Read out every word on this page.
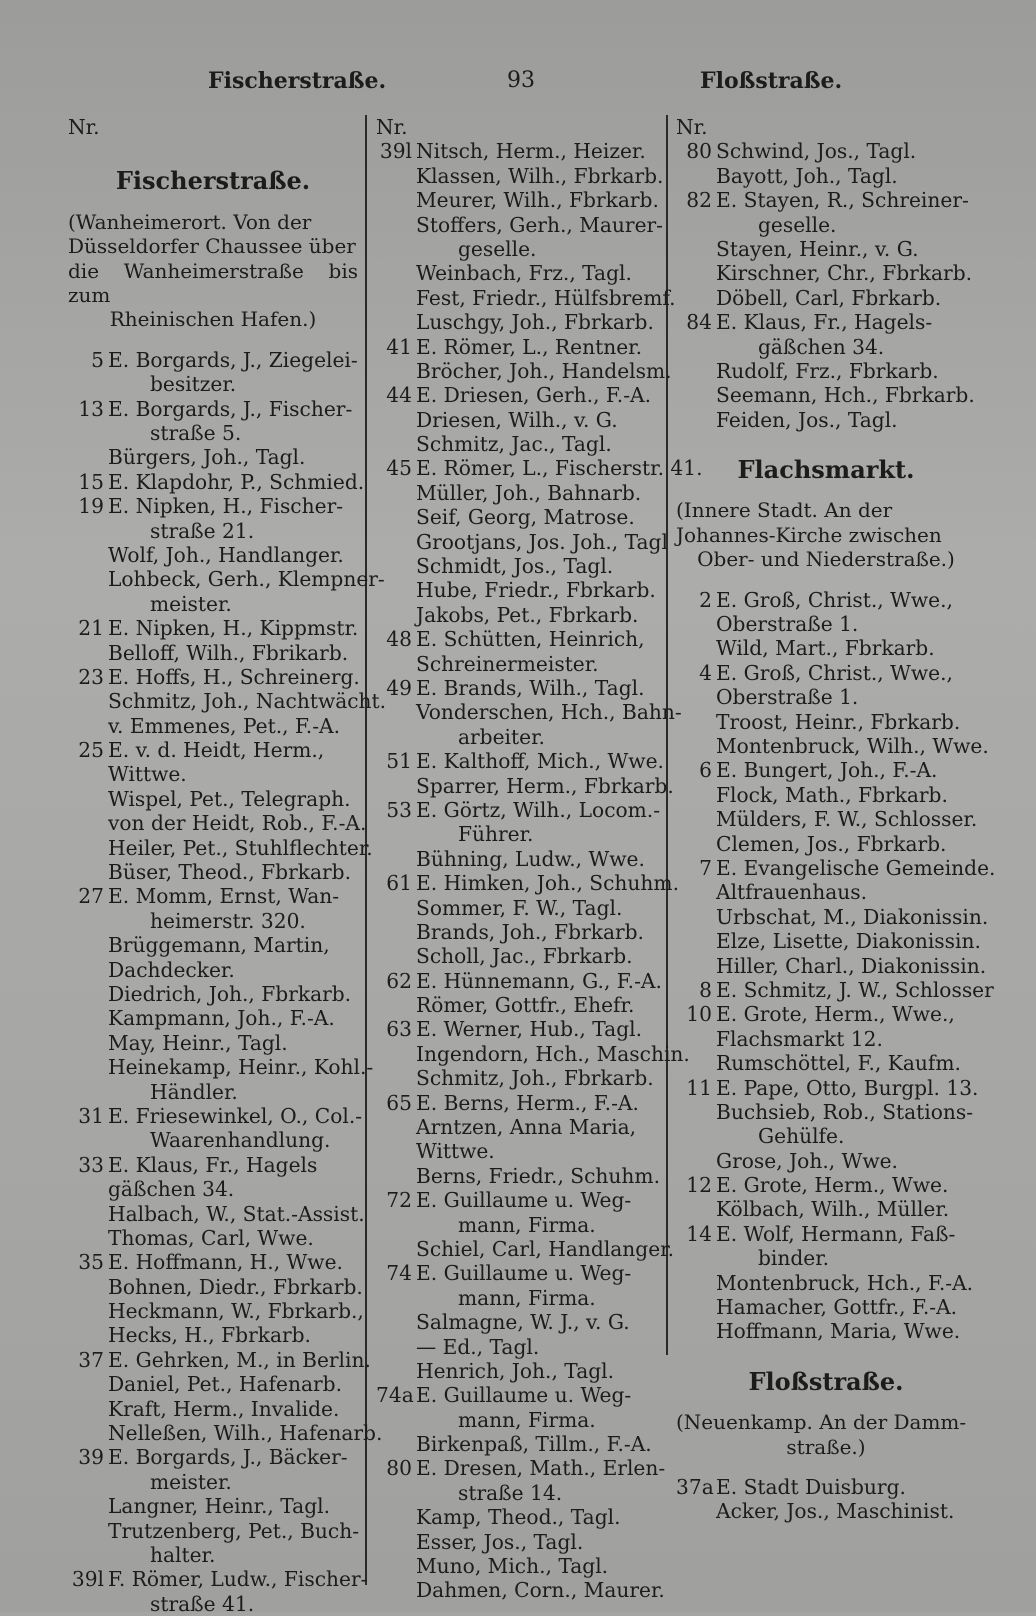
Fischerstraße.	93	Floßstraße.
Nr.
Fischerstraße.
(Wanheimerort. Von der
Düsseldorfer Chaussee über
die Wanheimerstraße bis zum
Rheinischen Hafen.)
5 E. Borgards, J., Ziegelei-
besitzer.
13 E. Borgards, J., Fischer-
straße 5.
Bürgers, Joh., Tagl.
15 E. Klapdohr, P., Schmied.
19 E. Nipken, H., Fischer-
straße 21.
Wolf, Joh., Handlanger.
Lohbeck, Gerh., Klempner-
meister.
21 E. Nipken, H., Kippmstr.
Belloff, Wilh., Fbrikarb.
23 E. Hoffs, H., Schreinerg.
Schmitz, Joh., Nachtwächt.
v. Emmenes, Pet., F.-A.
25 E. v. d. Heidt, Herm.,
Wittwe.
Wispel, Pet., Telegraph.
von der Heidt, Rob., F.-A.
Heiler, Pet., Stuhlflechter.
Büser, Theod., Fbrkarb.
27 E. Momm, Ernst, Wan-
heimerstr. 320.
Brüggemann, Martin,
Dachdecker.
Diedrich, Joh., Fbrkarb.
Kampmann, Joh., F.-A.
May, Heinr., Tagl.
Heinekamp, Heinr., Kohl.-
Händler.
31 E. Friesewinkel, O., Col.-
Waarenhandlung.
33 E. Klaus, Fr., Hagels
gäßchen 34.
Halbach, W., Stat.-Assist.
Thomas, Carl, Wwe.
35 E. Hoffmann, H., Wwe.
Bohnen, Diedr., Fbrkarb.
Heckmann, W., Fbrkarb.,
Hecks, H., Fbrkarb.
37 E. Gehrken, M., in Berlin.
Daniel, Pet., Hafenarb.
Kraft, Herm., Invalide.
Nelleßen, Wilh., Hafenarb.
39 E. Borgards, J., Bäcker-
meister.
Langner, Heinr., Tagl.
Trutzenberg, Pet., Buch-
halter.
39l F. Römer, Ludw., Fischer-
straße 41.
Nr.
39l Nitsch, Herm., Heizer.
Klassen, Wilh., Fbrkarb.
Meurer, Wilh., Fbrkarb.
Stoffers, Gerh., Maurer-
geselle.
Weinbach, Frz., Tagl.
Fest, Friedr., Hülfsbremf.
Luschgy, Joh., Fbrkarb.
41 E. Römer, L., Rentner.
Bröcher, Joh., Handelsm.
44 E. Driesen, Gerh., F.-A.
Driesen, Wilh., v. G.
Schmitz, Jac., Tagl.
45 E. Römer, L., Fischerstr. 41.
Müller, Joh., Bahnarb.
Seif, Georg, Matrose.
Grootjans, Jos. Joh., Tagl
Schmidt, Jos., Tagl.
Hube, Friedr., Fbrkarb.
Jakobs, Pet., Fbrkarb.
48 E. Schütten, Heinrich,
Schreinermeister.
49 E. Brands, Wilh., Tagl.
Vonderschen, Hch., Bahn-
arbeiter.
51 E. Kalthoff, Mich., Wwe.
Sparrer, Herm., Fbrkarb.
53 E. Görtz, Wilh., Locom.-
Führer.
Bühning, Ludw., Wwe.
61 E. Himken, Joh., Schuhm.
Sommer, F. W., Tagl.
Brands, Joh., Fbrkarb.
Scholl, Jac., Fbrkarb.
62 E. Hünnemann, G., F.-A.
Römer, Gottfr., Ehefr.
63 E. Werner, Hub., Tagl.
Ingendorn, Hch., Maschin.
Schmitz, Joh., Fbrkarb.
65 E. Berns, Herm., F.-A.
Arntzen, Anna Maria,
Wittwe.
Berns, Friedr., Schuhm.
72 E. Guillaume u. Weg-
mann, Firma.
Schiel, Carl, Handlanger.
74 E. Guillaume u. Weg-
mann, Firma.
Salmagne, W. J., v. G.
— Ed., Tagl.
Henrich, Joh., Tagl.
74a E. Guillaume u. Weg-
mann, Firma.
Birkenpaß, Tillm., F.-A.
80 E. Dresen, Math., Erlen-
straße 14.
Kamp, Theod., Tagl.
Esser, Jos., Tagl.
Muno, Mich., Tagl.
Dahmen, Corn., Maurer.
Nr.
80 Schwind, Jos., Tagl.
Bayott, Joh., Tagl.
82 E. Stayen, R., Schreiner-
geselle.
Stayen, Heinr., v. G.
Kirschner, Chr., Fbrkarb.
Döbell, Carl, Fbrkarb.
84 E. Klaus, Fr., Hagels-
gäßchen 34.
Rudolf, Frz., Fbrkarb.
Seemann, Hch., Fbrkarb.
Feiden, Jos., Tagl.
Flachsmarkt.
(Innere Stadt. An der
Johannes-Kirche zwischen
Ober- und Niederstraße.)
2 E. Groß, Christ., Wwe.,
Oberstraße 1.
Wild, Mart., Fbrkarb.
4 E. Groß, Christ., Wwe.,
Oberstraße 1.
Troost, Heinr., Fbrkarb.
Montenbruck, Wilh., Wwe.
6 E. Bungert, Joh., F.-A.
Flock, Math., Fbrkarb.
Mülders, F. W., Schlosser.
Clemen, Jos., Fbrkarb.
7 E. Evangelische Gemeinde.
Altfrauenhaus.
Urbschat, M., Diakonissin.
Elze, Lisette, Diakonissin.
Hiller, Charl., Diakonissin.
8 E. Schmitz, J. W., Schlosser
10 E. Grote, Herm., Wwe.,
Flachsmarkt 12.
Rumschöttel, F., Kaufm.
11 E. Pape, Otto, Burgpl. 13.
Buchsieb, Rob., Stations-
Gehülfe.
Grose, Joh., Wwe.
12 E. Grote, Herm., Wwe.
Kölbach, Wilh., Müller.
14 E. Wolf, Hermann, Faß-
binder.
Montenbruck, Hch., F.-A.
Hamacher, Gottfr., F.-A.
Hoffmann, Maria, Wwe.
Floßstraße.
(Neuenkamp. An der Damm-
straße.)
37a E. Stadt Duisburg.
Acker, Jos., Maschinist.
